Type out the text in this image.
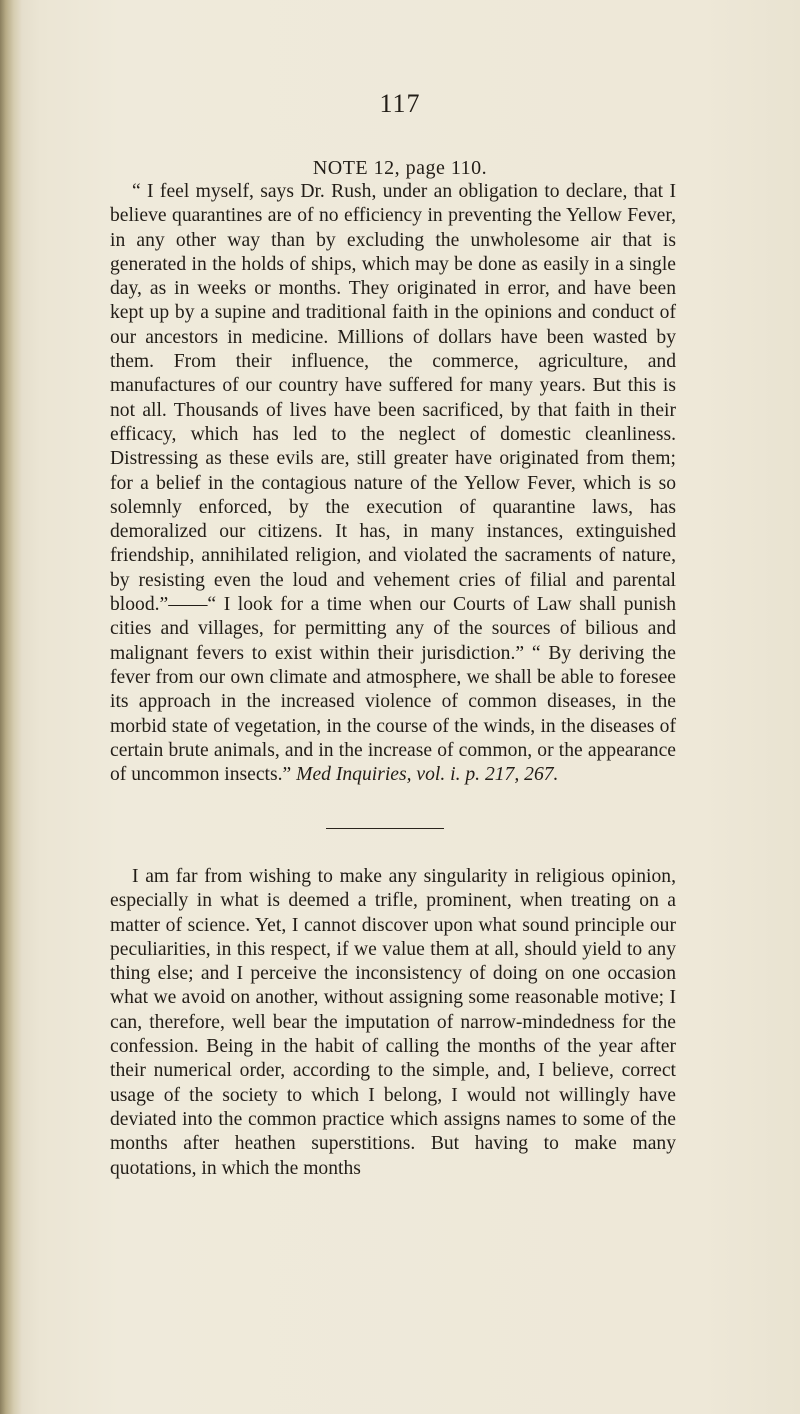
117
NOTE 12, page 110.

“ I feel myself, says Dr. Rush, under an obligation to declare, that I believe quarantines are of no efficiency in preventing the Yellow Fever, in any other way than by excluding the unwholesome air that is generated in the holds of ships, which may be done as easily in a single day, as in weeks or months. They originated in error, and have been kept up by a supine and traditional faith in the opinions and conduct of our ancestors in medicine. Millions of dollars have been wasted by them. From their influence, the commerce, agriculture, and manufactures of our country have suffered for many years. But this is not all. Thousands of lives have been sacrificed, by that faith in their efficacy, which has led to the neglect of domestic cleanliness. Distressing as these evils are, still greater have originated from them; for a belief in the contagious nature of the Yellow Fever, which is so solemnly enforced, by the execution of quarantine laws, has demoralized our citizens. It has, in many instances, extinguished friendship, annihilated religion, and violated the sacraments of nature, by resisting even the loud and vehement cries of filial and parental blood.”——“ I look for a time when our Courts of Law shall punish cities and villages, for permitting any of the sources of bilious and malignant fevers to exist within their jurisdiction.” “ By deriving the fever from our own climate and atmosphere, we shall be able to foresee its approach in the increased violence of common diseases, in the morbid state of vegetation, in the course of the winds, in the diseases of certain brute animals, and in the increase of common, or the appearance of uncommon insects.” Med Inquiries, vol. i. p. 217, 267.

I am far from wishing to make any singularity in religious opinion, especially in what is deemed a trifle, prominent, when treating on a matter of science. Yet, I cannot discover upon what sound principle our peculiarities, in this respect, if we value them at all, should yield to any thing else; and I perceive the inconsistency of doing on one occasion what we avoid on another, without assigning some reasonable motive; I can, therefore, well bear the imputation of narrow-mindedness for the confession. Being in the habit of calling the months of the year after their numerical order, according to the simple, and, I believe, correct usage of the society to which I belong, I would not willingly have deviated into the common practice which assigns names to some of the months after heathen superstitions. But having to make many quotations, in which the months
